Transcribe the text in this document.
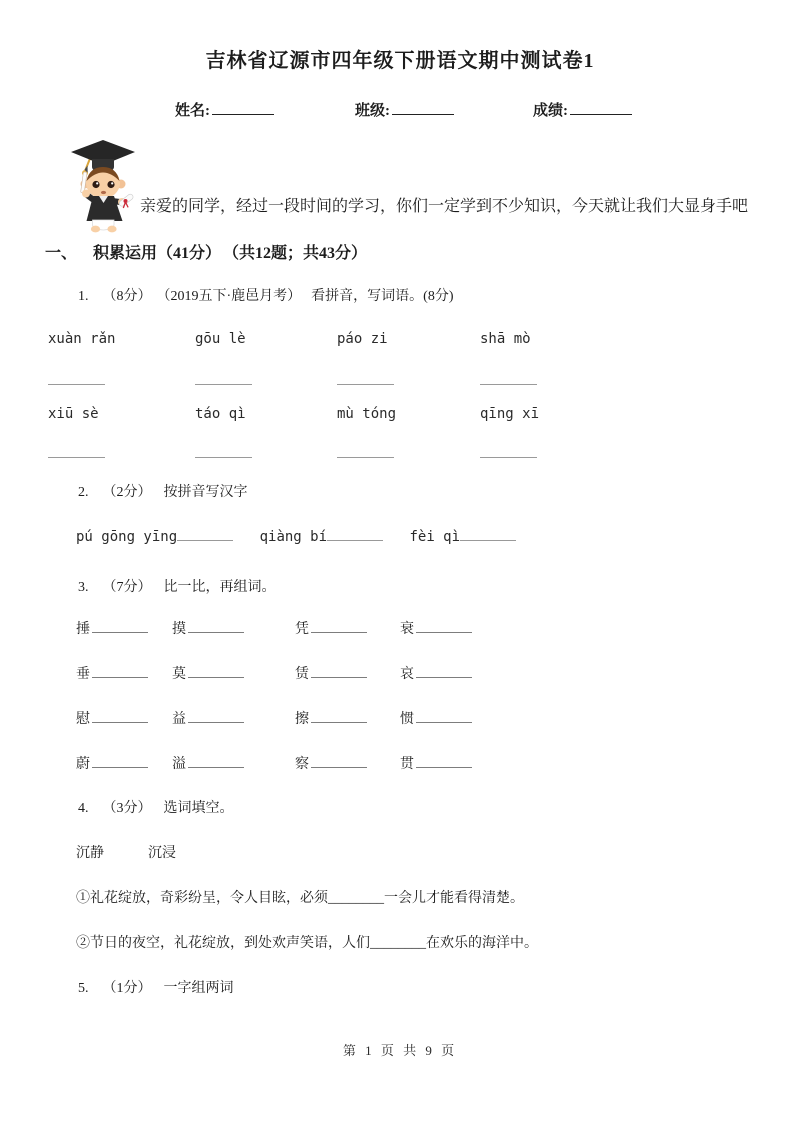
吉林省辽源市四年级下册语文期中测试卷1
姓名:	班级:	成绩:
亲爱的同学，经过一段时间的学习，你们一定学到不少知识，今天就让我们大显身手吧
一、 积累运用（41分） （共12题；共43分）
1. （8分） （2019五下·鹿邑月考） 看拼音，写词语。(8分)
xuàn rǎn	gōu lè	páo zi	shā mò
xiū sè	táo qì	mù tóng	qīng xī
2. （2分） 按拼音写汉字
pú gōng yīng	qiàng bí	fèi qì
3. （7分） 比一比，再组词。
捶	摸	凭	衰
垂	莫	赁	哀
慰	益	擦	惯
蔚	溢	察	贯
4. （3分） 选词填空。
沉静	沉浸
①礼花绽放，奇彩纷呈，令人目眩，必须________一会儿才能看得清楚。
②节日的夜空，礼花绽放，到处欢声笑语，人们________在欢乐的海洋中。
5. （1分） 一字组两词
第 1 页 共 9 页
